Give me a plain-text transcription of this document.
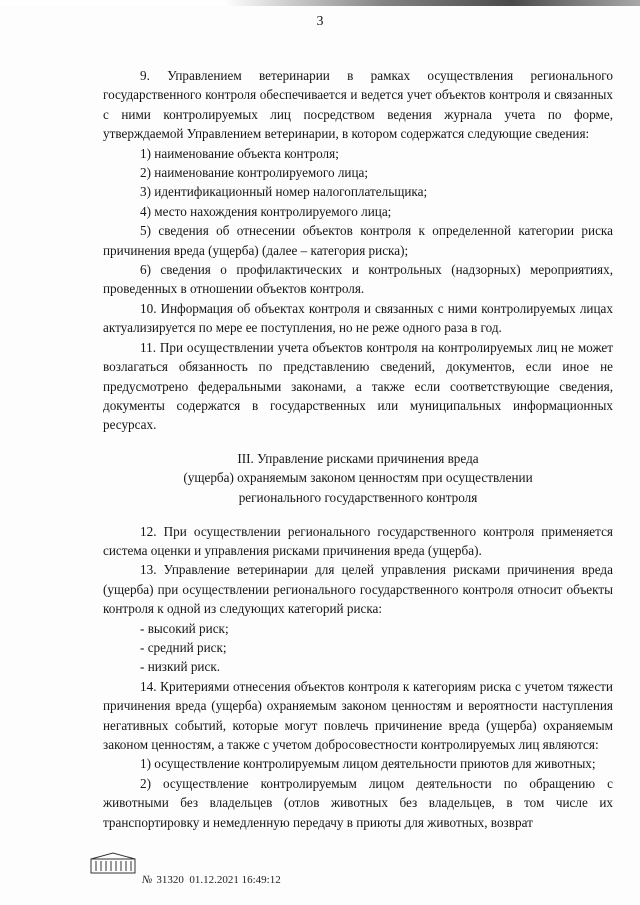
3

9. Управлением ветеринарии в рамках осуществления регионального государственного контроля обеспечивается и ведется учет объектов контроля и связанных с ними контролируемых лиц посредством ведения журнала учета по форме, утверждаемой Управлением ветеринарии, в котором содержатся следующие сведения:

1) наименование объекта контроля;

2) наименование контролируемого лица;

3) идентификационный номер налогоплательщика;

4) место нахождения контролируемого лица;

5) сведения об отнесении объектов контроля к определенной категории риска причинения вреда (ущерба) (далее – категория риска);

6) сведения о профилактических и контрольных (надзорных) мероприятиях, проведенных в отношении объектов контроля.

10. Информация об объектах контроля и связанных с ними контролируемых лицах актуализируется по мере ее поступления, но не реже одного раза в год.

11. При осуществлении учета объектов контроля на контролируемых лиц не может возлагаться обязанность по представлению сведений, документов, если иное не предусмотрено федеральными законами, а также если соответствующие сведения, документы содержатся в государственных или муниципальных информационных ресурсах.

III. Управление рисками причинения вреда
(ущерба) охраняемым законом ценностям при осуществлении
регионального государственного контроля

12. При осуществлении регионального государственного контроля применяется система оценки и управления рисками причинения вреда (ущерба).

13. Управление ветеринарии для целей управления рисками причинения вреда (ущерба) при осуществлении регионального государственного контроля относит объекты контроля к одной из следующих категорий риска:

- высокий риск;

- средний риск;

- низкий риск.

14. Критериями отнесения объектов контроля к категориям риска с учетом тяжести причинения вреда (ущерба) охраняемым законом ценностям и вероятности наступления негативных событий, которые могут повлечь причинение вреда (ущерба) охраняемым законом ценностям, а также с учетом добросовестности контролируемых лиц являются:

1) осуществление контролируемым лицом деятельности приютов для животных;

2) осуществление контролируемым лицом деятельности по обращению с животными без владельцев (отлов животных без владельцев, в том числе их транспортировку и немедленную передачу в приюты для животных, возврат

№ 31320 01.12.2021 16:49:12
